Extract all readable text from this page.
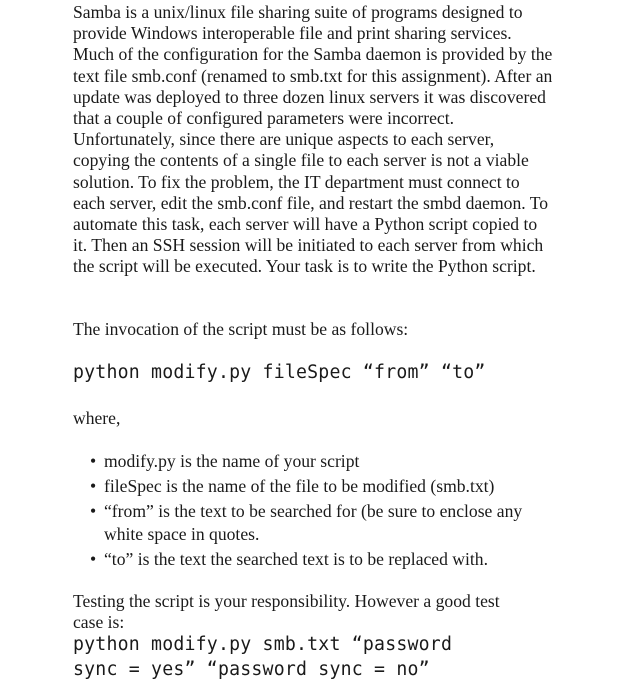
Samba is a unix/linux file sharing suite of programs designed to provide Windows interoperable file and print sharing services. Much of the configuration for the Samba daemon is provided by the text file smb.conf (renamed to smb.txt for this assignment). After an update was deployed to three dozen linux servers it was discovered that a couple of configured parameters were incorrect. Unfortunately, since there are unique aspects to each server, copying the contents of a single file to each server is not a viable solution. To fix the problem, the IT department must connect to each server, edit the smb.conf file, and restart the smbd daemon. To automate this task, each server will have a Python script copied to it. Then an SSH session will be initiated to each server from which the script will be executed. Your task is to write the Python script.

The invocation of the script must be as follows:

python modify.py fileSpec “from” “to”

where,

• modify.py is the name of your script
• fileSpec is the name of the file to be modified (smb.txt)
• “from” is the text to be searched for (be sure to enclose any white space in quotes.
• “to” is the text the searched text is to be replaced with.

Testing the script is your responsibility. However a good test case is:

python modify.py smb.txt “password
sync = yes” “password sync = no”
